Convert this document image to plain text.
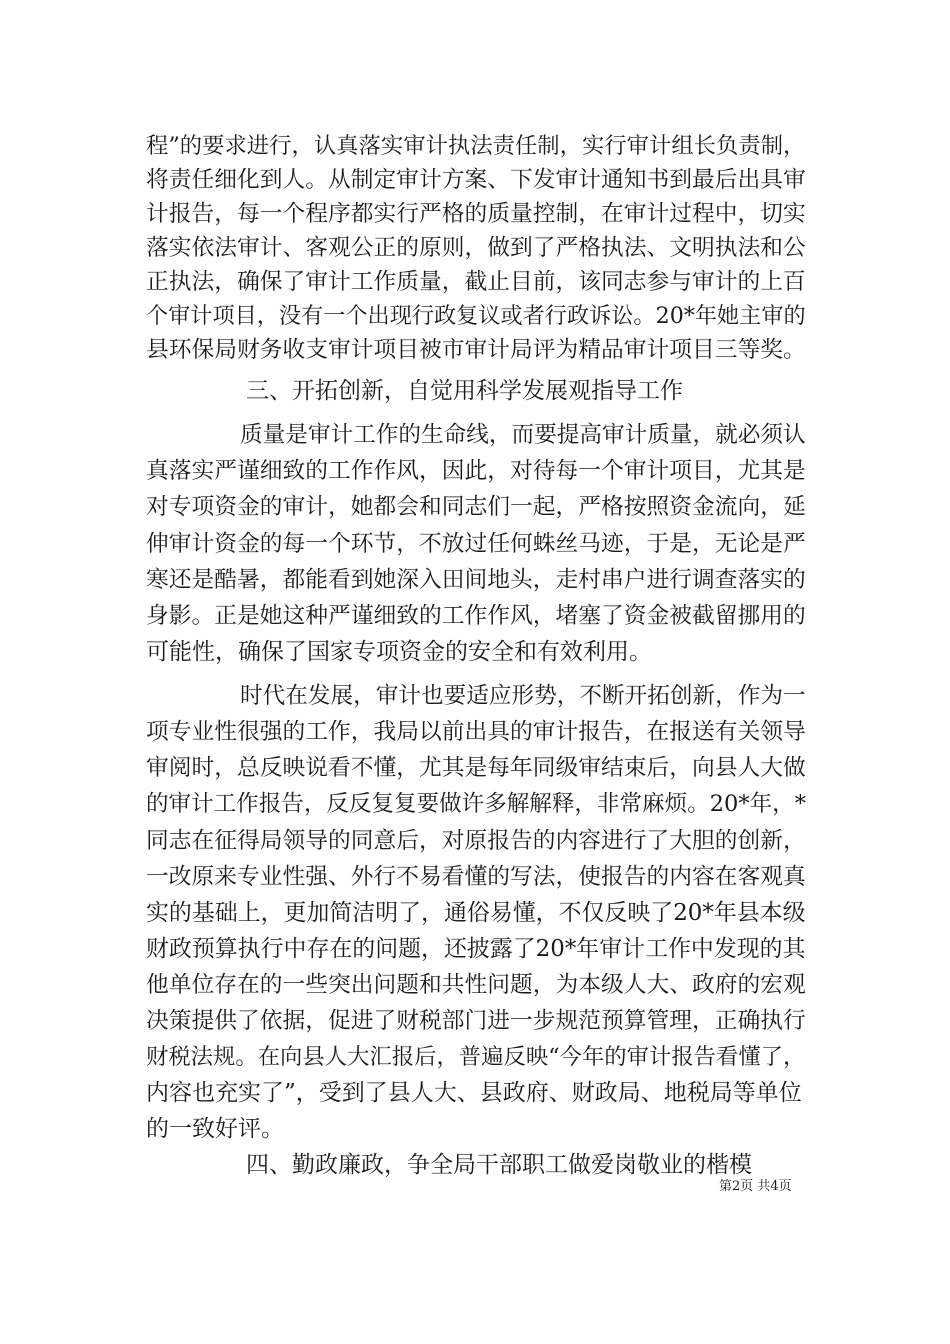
程”的要求进行，认真落实审计执法责任制，实行审计组长负责制，
将责任细化到人。从制定审计方案、下发审计通知书到最后出具审
计报告，每一个程序都实行严格的质量控制，在审计过程中，切实
落实依法审计、客观公正的原则，做到了严格执法、文明执法和公
正执法，确保了审计工作质量，截止目前，该同志参与审计的上百
个审计项目，没有一个出现行政复议或者行政诉讼。20*年她主审的
县环保局财务收支审计项目被市审计局评为精品审计项目三等奖。
三、开拓创新，自觉用科学发展观指导工作
质量是审计工作的生命线，而要提高审计质量，就必须认
真落实严谨细致的工作作风，因此，对待每一个审计项目，尤其是
对专项资金的审计，她都会和同志们一起，严格按照资金流向，延
伸审计资金的每一个环节，不放过任何蛛丝马迹，于是，无论是严
寒还是酷暑，都能看到她深入田间地头，走村串户进行调查落实的
身影。正是她这种严谨细致的工作作风，堵塞了资金被截留挪用的
可能性，确保了国家专项资金的安全和有效利用。
时代在发展，审计也要适应形势，不断开拓创新，作为一
项专业性很强的工作，我局以前出具的审计报告，在报送有关领导
审阅时，总反映说看不懂，尤其是每年同级审结束后，向县人大做
的审计工作报告，反反复复要做许多解解释，非常麻烦。20*年，*
同志在征得局领导的同意后，对原报告的内容进行了大胆的创新，
一改原来专业性强、外行不易看懂的写法，使报告的内容在客观真
实的基础上，更加简洁明了，通俗易懂，不仅反映了20*年县本级
财政预算执行中存在的问题，还披露了20*年审计工作中发现的其
他单位存在的一些突出问题和共性问题，为本级人大、政府的宏观
决策提供了依据，促进了财税部门进一步规范预算管理，正确执行
财税法规。在向县人大汇报后，普遍反映“今年的审计报告看懂了，
内容也充实了”，受到了县人大、县政府、财政局、地税局等单位
的一致好评。
四、勤政廉政，争全局干部职工做爱岗敬业的楷模
第2页 共4页
